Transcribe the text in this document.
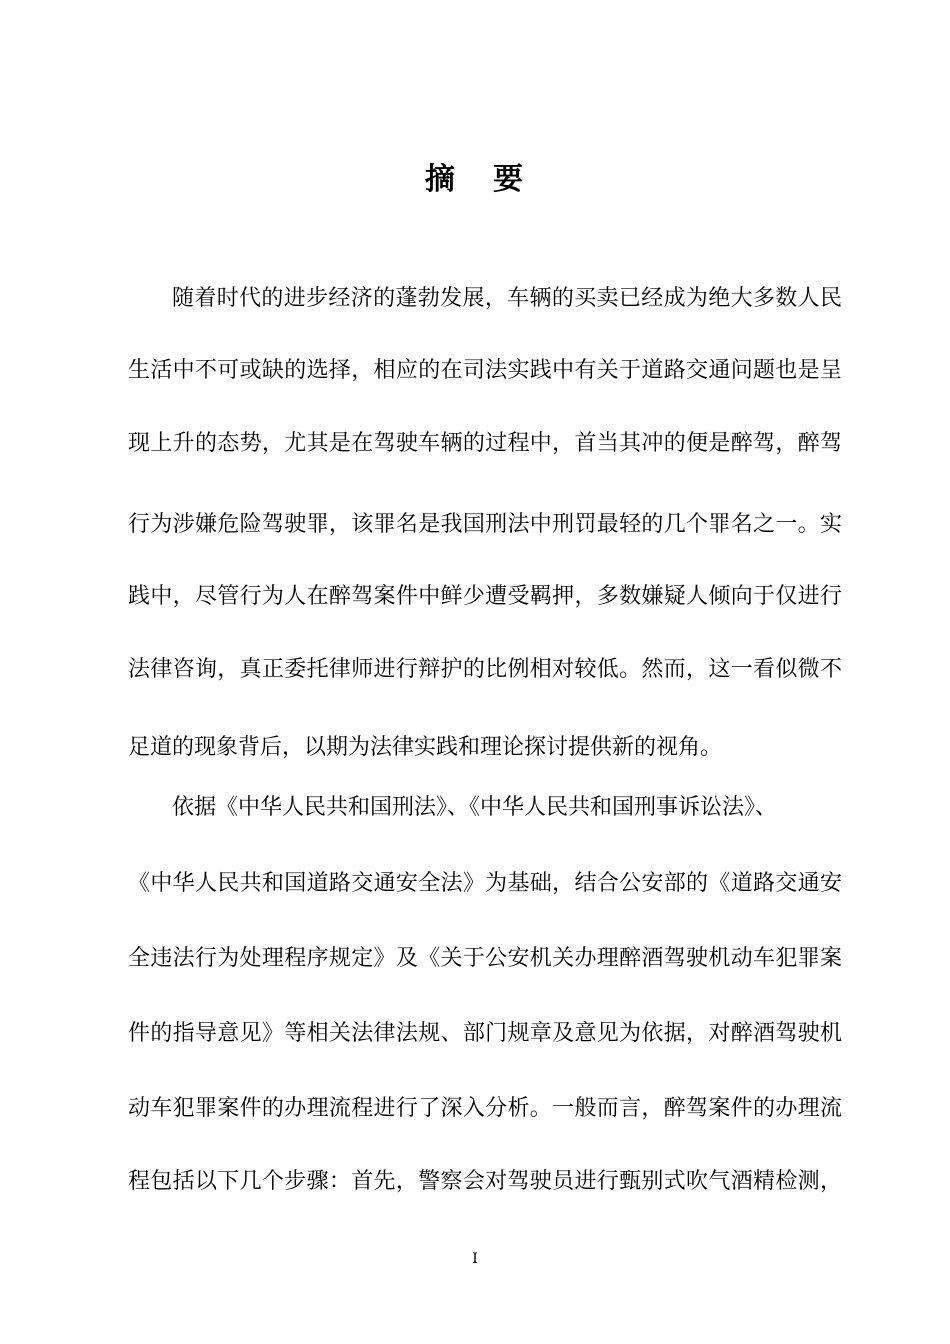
摘 要
随着时代的进步经济的蓬勃发展，车辆的买卖已经成为绝大多数人民
生活中不可或缺的选择，相应的在司法实践中有关于道路交通问题也是呈
现上升的态势，尤其是在驾驶车辆的过程中，首当其冲的便是醉驾，醉驾
行为涉嫌危险驾驶罪，该罪名是我国刑法中刑罚最轻的几个罪名之一。实
践中，尽管行为人在醉驾案件中鲜少遭受羁押，多数嫌疑人倾向于仅进行
法律咨询，真正委托律师进行辩护的比例相对较低。然而，这一看似微不
足道的现象背后，以期为法律实践和理论探讨提供新的视角。
依据《中华人民共和国刑法》、《中华人民共和国刑事诉讼法》、
《中华人民共和国道路交通安全法》为基础，结合公安部的《道路交通安
全违法行为处理程序规定》及《关于公安机关办理醉酒驾驶机动车犯罪案
件的指导意见》等相关法律法规、部门规章及意见为依据，对醉酒驾驶机
动车犯罪案件的办理流程进行了深入分析。一般而言，醉驾案件的办理流
程包括以下几个步骤：首先，警察会对驾驶员进行甄别式吹气酒精检测，
I
